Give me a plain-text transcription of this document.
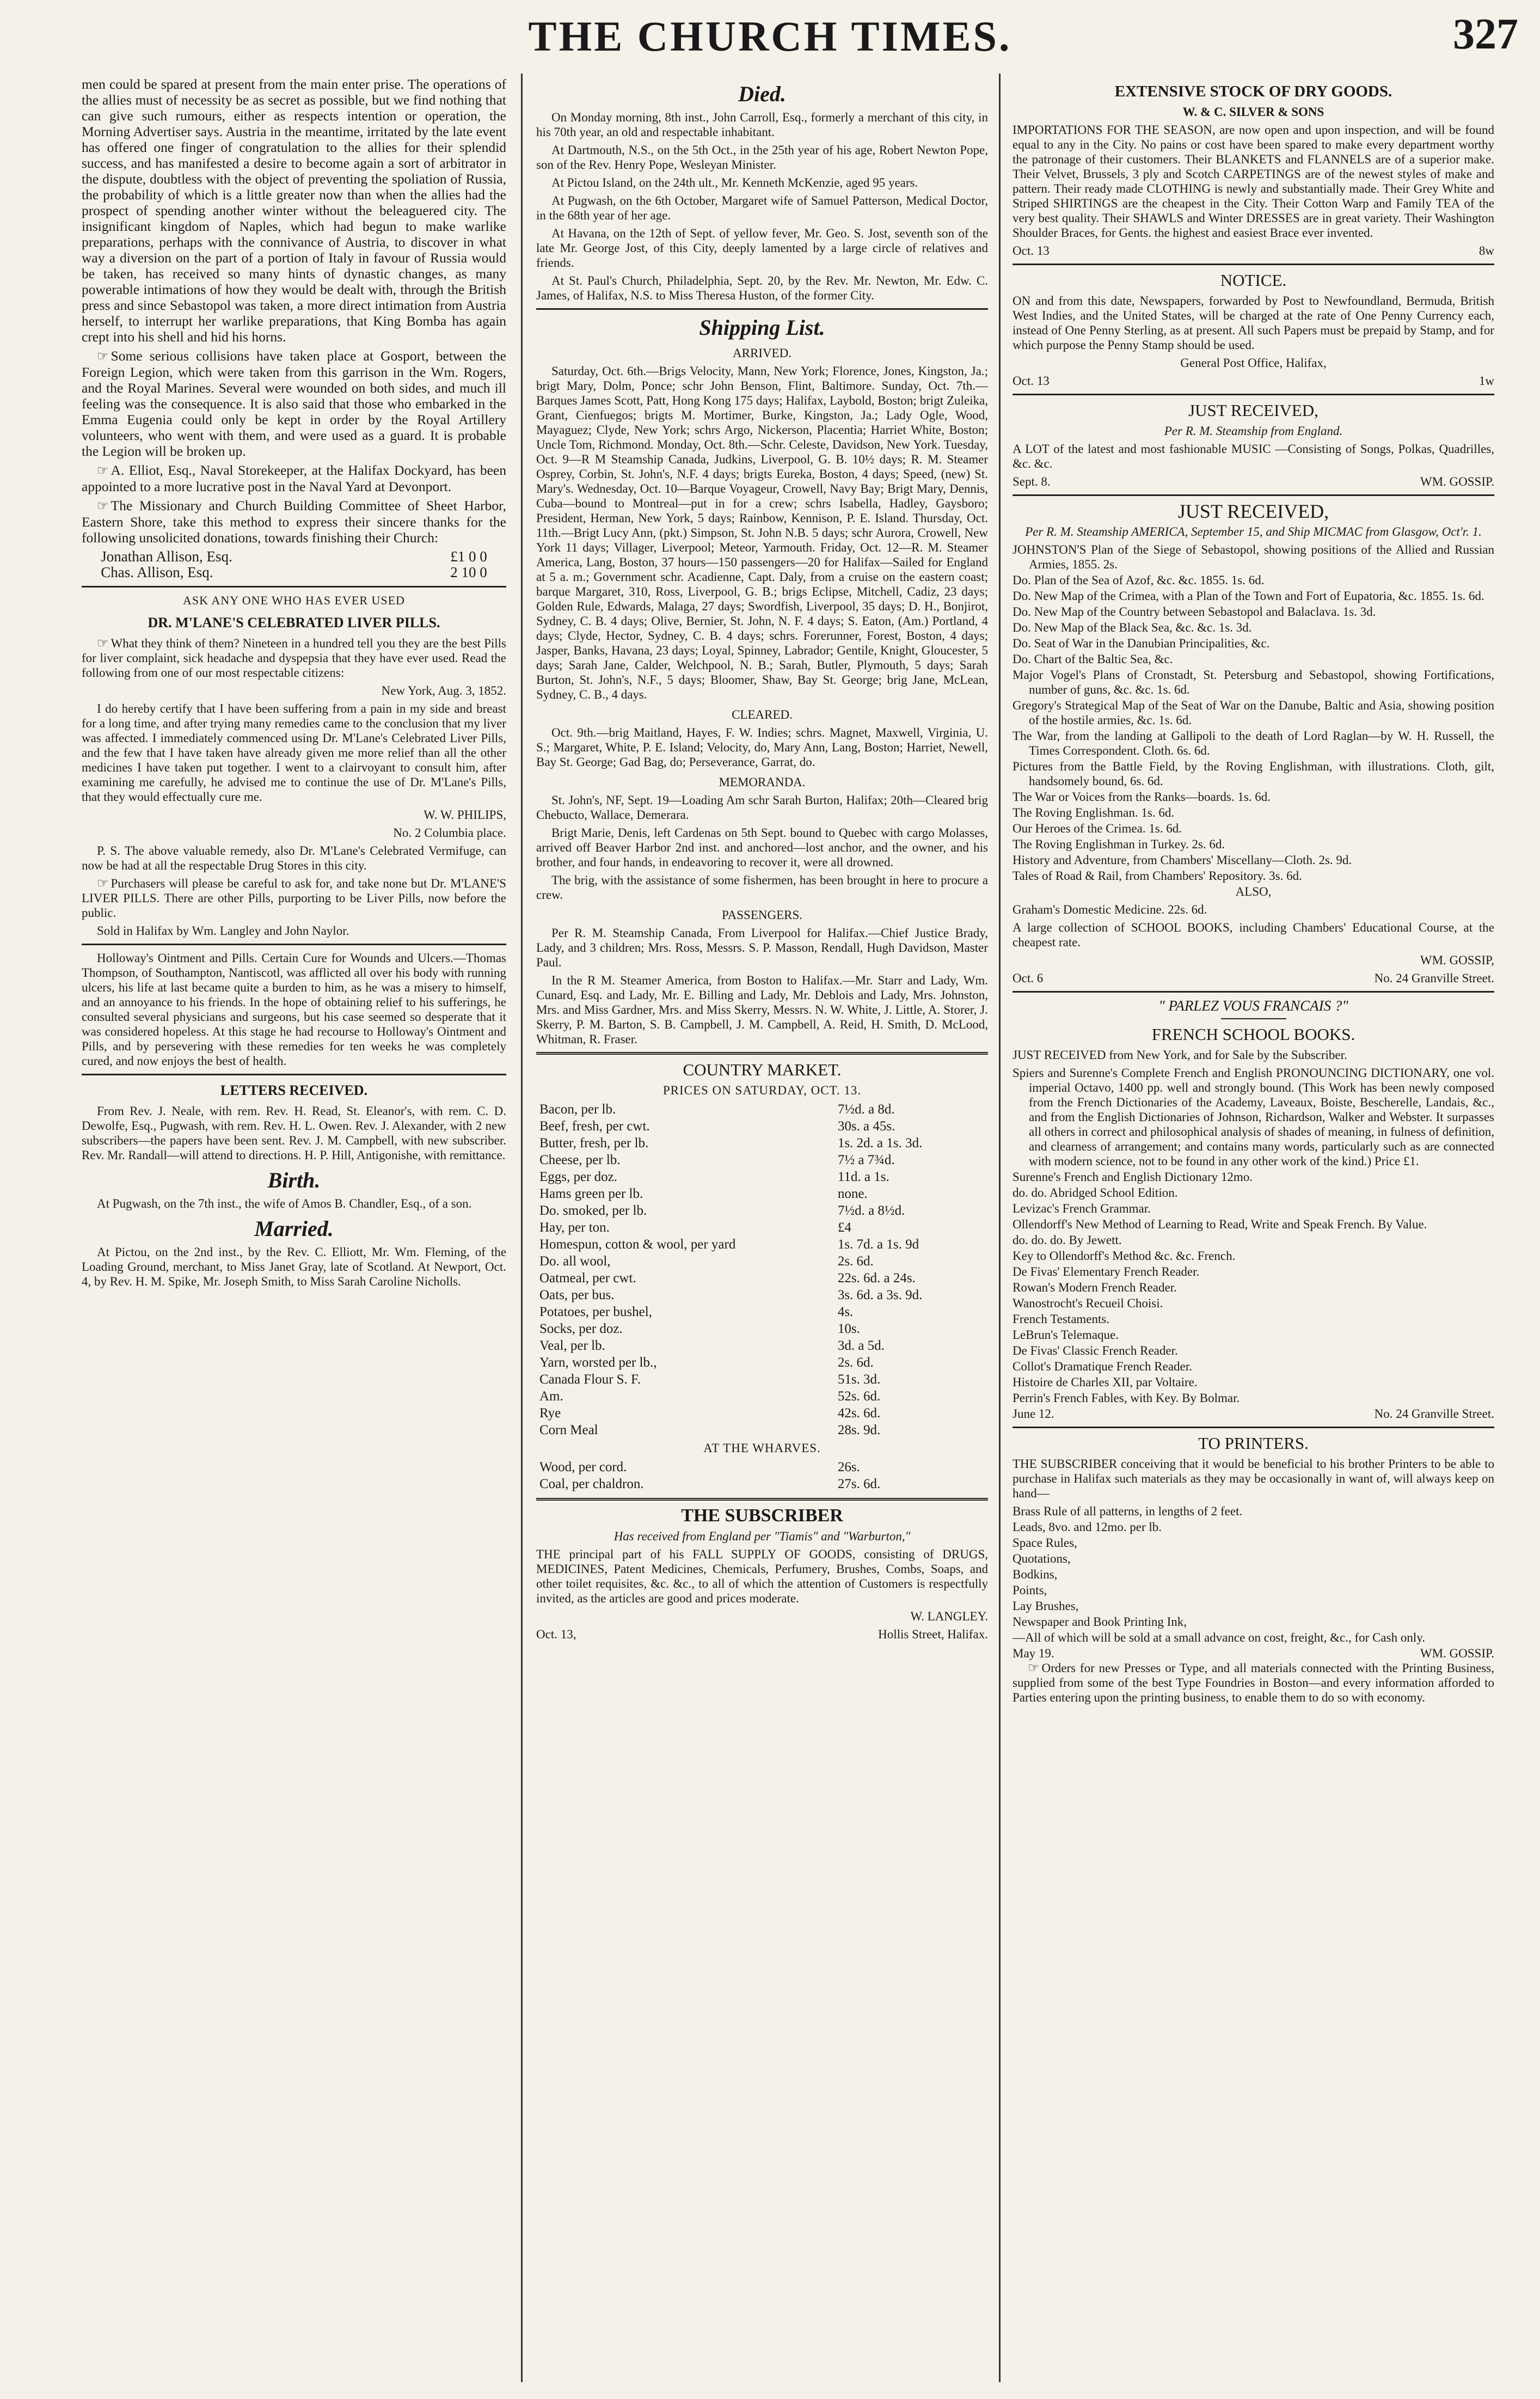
THE CHURCH TIMES.	327

men could be spared at present from the main enter prise. The operations of the allies must of necessity be as secret as possible, but we find nothing that can give such rumours, either as respects intention or operation, the Morning Advertiser says. Austria in the meantime, irritated by the late event has offered one finger of congratulation to the allies for their splendid success, and has manifested a desire to become again a sort of arbitrator in the dispute, doubtless with the object of preventing the spoliation of Russia, the probability of which is a little greater now than when the allies had the prospect of spending another winter without the beleaguered city. The insignificant kingdom of Naples, which had begun to make warlike preparations, perhaps with the connivance of Austria, to discover in what way a diversion on the part of a portion of Italy in favour of Russia would be taken, has received so many hints of dynastic changes, as many powerable intimations of how they would be dealt with, through the British press and since Sebastopol was taken, a more direct intimation from Austria herself, to interrupt her warlike preparations, that King Bomba has again crept into his shell and hid his horns.

☞ Some serious collisions have taken place at Gosport, between the Foreign Legion, which were taken from this garrison in the Wm. Rogers, and the Royal Marines. Several were wounded on both sides, and much ill feeling was the consequence. It is also said that those who embarked in the Emma Eugenia could only be kept in order by the Royal Artillery volunteers, who went with them, and were used as a guard. It is probable the Legion will be broken up.

☞ A. Elliot, Esq., Naval Storekeeper, at the Halifax Dockyard, has been appointed to a more lucrative post in the Naval Yard at Devonport.

☞ The Missionary and Church Building Committee of Sheet Harbor, Eastern Shore, take this method to express their sincere thanks for the following unsolicited donations, towards finishing their Church:

Jonathan Allison, Esq.	£1 0 0
Chas. Allison, Esq.	2 10 0
ASK ANY ONE WHO HAS EVER USED
DR. M'LANE'S CELEBRATED LIVER PILLS.

☞ What they think of them? Nineteen in a hundred tell you they are the best Pills for liver complaint, sick headache and dyspepsia that they have ever used. Read the following from one of our most respectable citizens:

New York, Aug. 3, 1852.

I do hereby certify that I have been suffering from a pain in my side and breast for a long time, and after trying many remedies came to the conclusion that my liver was affected. I immediately commenced using Dr. M'Lane's Celebrated Liver Pills, and the few that I have taken have already given me more relief than all the other medicines I have taken put together. I went to a clairvoyant to consult him, after examining me carefully, he advised me to continue the use of Dr. M'Lane's Pills, that they would effectually cure me.

W. W. PHILIPS,

No. 2 Columbia place.

P. S. The above valuable remedy, also Dr. M'Lane's Celebrated Vermifuge, can now be had at all the respectable Drug Stores in this city.

☞ Purchasers will please be careful to ask for, and take none but Dr. M'LANE'S LIVER PILLS. There are other Pills, purporting to be Liver Pills, now before the public.

Sold in Halifax by Wm. Langley and John Naylor.

Holloway's Ointment and Pills. Certain Cure for Wounds and Ulcers.—Thomas Thompson, of Southampton, Nantiscotl, was afflicted all over his body with running ulcers, his life at last became quite a burden to him, as he was a misery to himself, and an annoyance to his friends. In the hope of obtaining relief to his sufferings, he consulted several physicians and surgeons, but his case seemed so desperate that it was considered hopeless. At this stage he had recourse to Holloway's Ointment and Pills, and by persevering with these remedies for ten weeks he was completely cured, and now enjoys the best of health.

LETTERS RECEIVED.

From Rev. J. Neale, with rem. Rev. H. Read, St. Eleanor's, with rem. C. D. Dewolfe, Esq., Pugwash, with rem. Rev. H. L. Owen. Rev. J. Alexander, with 2 new subscribers—the papers have been sent. Rev. J. M. Campbell, with new subscriber. Rev. Mr. Randall—will attend to directions. H. P. Hill, Antigonishe, with remittance.

Birth.

At Pugwash, on the 7th inst., the wife of Amos B. Chandler, Esq., of a son.

Married.

At Pictou, on the 2nd inst., by the Rev. C. Elliott, Mr. Wm. Fleming, of the Loading Ground, merchant, to Miss Janet Gray, late of Scotland. At Newport, Oct. 4, by Rev. H. M. Spike, Mr. Joseph Smith, to Miss Sarah Caroline Nicholls.

Died.

On Monday morning, 8th inst., John Carroll, Esq., formerly a merchant of this city, in his 70th year, an old and respectable inhabitant.

At Dartmouth, N.S., on the 5th Oct., in the 25th year of his age, Robert Newton Pope, son of the Rev. Henry Pope, Wesleyan Minister.

At Pictou Island, on the 24th ult., Mr. Kenneth McKenzie, aged 95 years.

At Pugwash, on the 6th October, Margaret wife of Samuel Patterson, Medical Doctor, in the 68th year of her age.

At Havana, on the 12th of Sept. of yellow fever, Mr. Geo. S. Jost, seventh son of the late Mr. George Jost, of this City, deeply lamented by a large circle of relatives and friends.

At St. Paul's Church, Philadelphia, Sept. 20, by the Rev. Mr. Newton, Mr. Edw. C. James, of Halifax, N.S. to Miss Theresa Huston, of the former City.

Shipping List.
ARRIVED.

Saturday, Oct. 6th.—Brigs Velocity, Mann, New York; Florence, Jones, Kingston, Ja.; brigt Mary, Dolm, Ponce; schr John Benson, Flint, Baltimore. Sunday, Oct. 7th.—Barques James Scott, Patt, Hong Kong 175 days; Halifax, Laybold, Boston; brigt Zuleika, Grant, Cienfuegos; brigts M. Mortimer, Burke, Kingston, Ja.; Lady Ogle, Wood, Mayaguez; Clyde, New York; schrs Argo, Nickerson, Placentia; Harriet White, Boston; Uncle Tom, Richmond. Monday, Oct. 8th.—Schr. Celeste, Davidson, New York. Tuesday, Oct. 9—R M Steamship Canada, Judkins, Liverpool, G. B. 10½ days; R. M. Steamer Osprey, Corbin, St. John's, N.F. 4 days; brigts Eureka, Boston, 4 days; Speed, (new) St. Mary's. Wednesday, Oct. 10—Barque Voyageur, Crowell, Navy Bay; Brigt Mary, Dennis, Cuba—bound to Montreal—put in for a crew; schrs Isabella, Hadley, Gaysboro; President, Herman, New York, 5 days; Rainbow, Kennison, P. E. Island. Thursday, Oct. 11th.—Brigt Lucy Ann, (pkt.) Simpson, St. John N.B. 5 days; schr Aurora, Crowell, New York 11 days; Villager, Liverpool; Meteor, Yarmouth. Friday, Oct. 12—R. M. Steamer America, Lang, Boston, 37 hours—150 passengers—20 for Halifax—Sailed for England at 5 a. m.; Government schr. Acadienne, Capt. Daly, from a cruise on the eastern coast; barque Margaret, 310, Ross, Liverpool, G. B.; brigs Eclipse, Mitchell, Cadiz, 23 days; Golden Rule, Edwards, Malaga, 27 days; Swordfish, Liverpool, 35 days; D. H., Bonjirot, Sydney, C. B. 4 days; Olive, Bernier, St. John, N. F. 4 days; S. Eaton, (Am.) Portland, 4 days; Clyde, Hector, Sydney, C. B. 4 days; schrs. Forerunner, Forest, Boston, 4 days; Jasper, Banks, Havana, 23 days; Loyal, Spinney, Labrador; Gentile, Knight, Gloucester, 5 days; Sarah Jane, Calder, Welchpool, N. B.; Sarah, Butler, Plymouth, 5 days; Sarah Burton, St. John's, N.F., 5 days; Bloomer, Shaw, Bay St. George; brig Jane, McLean, Sydney, C. B., 4 days.

CLEARED.

Oct. 9th.—brig Maitland, Hayes, F. W. Indies; schrs. Magnet, Maxwell, Virginia, U. S.; Margaret, White, P. E. Island; Velocity, do, Mary Ann, Lang, Boston; Harriet, Newell, Bay St. George; Gad Bag, do; Perseverance, Garrat, do.

MEMORANDA.

St. John's, NF, Sept. 19—Loading Am schr Sarah Burton, Halifax; 20th—Cleared brig Chebucto, Wallace, Demerara.

Brigt Marie, Denis, left Cardenas on 5th Sept. bound to Quebec with cargo Molasses, arrived off Beaver Harbor 2nd inst. and anchored—lost anchor, and the owner, and his brother, and four hands, in endeavoring to recover it, were all drowned.

The brig, with the assistance of some fishermen, has been brought in here to procure a crew.

PASSENGERS.

Per R. M. Steamship Canada, From Liverpool for Halifax.—Chief Justice Brady, Lady, and 3 children; Mrs. Ross, Messrs. S. P. Masson, Rendall, Hugh Davidson, Master Paul.

In the R M. Steamer America, from Boston to Halifax.—Mr. Starr and Lady, Wm. Cunard, Esq. and Lady, Mr. E. Billing and Lady, Mr. Deblois and Lady, Mrs. Johnston, Mrs. and Miss Gardner, Mrs. and Miss Skerry, Messrs. N. W. White, J. Little, A. Storer, J. Skerry, P. M. Barton, S. B. Campbell, J. M. Campbell, A. Reid, H. Smith, D. McLood, Whitman, R. Fraser.

COUNTRY MARKET.
PRICES ON SATURDAY, OCT. 13.
Bacon, per lb.	7½d. a 8d.
Beef, fresh, per cwt.	30s. a 45s.
Butter, fresh, per lb.	1s. 2d. a 1s. 3d.
Cheese, per lb.	7½ a 7¾d.
Eggs, per doz.	11d. a 1s.
Hams green per lb.	none.
Do. smoked, per lb.	7½d. a 8½d.
Hay, per ton.	£4
Homespun, cotton & wool, per yard	1s. 7d. a 1s. 9d
Do. all wool,	2s. 6d.
Oatmeal, per cwt.	22s. 6d. a 24s.
Oats, per bus.	3s. 6d. a 3s. 9d.
Potatoes, per bushel,	4s.
Socks, per doz.	10s.
Veal, per lb.	3d. a 5d.
Yarn, worsted per lb.,	2s. 6d.
Canada Flour S. F.	51s. 3d.
Am.	52s. 6d.
Rye	42s. 6d.
Corn Meal	28s. 9d.
AT THE WHARVES.
Wood, per cord.	26s.
Coal, per chaldron.	27s. 6d.
THE SUBSCRIBER
Has received from England per "Tiamis" and "Warburton,"

THE principal part of his FALL SUPPLY OF GOODS, consisting of DRUGS, MEDICINES, Patent Medicines, Chemicals, Perfumery, Brushes, Combs, Soaps, and other toilet requisites, &c. &c., to all of which the attention of Customers is respectfully invited, as the articles are good and prices moderate.

W. LANGLEY.

Oct. 13,	Hollis Street, Halifax.
EXTENSIVE STOCK OF DRY GOODS.
W. & C. SILVER & SONS

IMPORTATIONS FOR THE SEASON, are now open and upon inspection, and will be found equal to any in the City. No pains or cost have been spared to make every department worthy the patronage of their customers. Their BLANKETS and FLANNELS are of a superior make. Their Velvet, Brussels, 3 ply and Scotch CARPETINGS are of the newest styles of make and pattern. Their ready made CLOTHING is newly and substantially made. Their Grey White and Striped SHIRTINGS are the cheapest in the City. Their Cotton Warp and Family TEA of the very best quality. Their SHAWLS and Winter DRESSES are in great variety. Their Washington Shoulder Braces, for Gents. the highest and easiest Brace ever invented.

Oct. 13	8w
NOTICE.

ON and from this date, Newspapers, forwarded by Post to Newfoundland, Bermuda, British West Indies, and the United States, will be charged at the rate of One Penny Currency each, instead of One Penny Sterling, as at present. All such Papers must be prepaid by Stamp, and for which purpose the Penny Stamp should be used.

General Post Office, Halifax,

Oct. 13	1w
JUST RECEIVED,
Per R. M. Steamship from England.

A LOT of the latest and most fashionable MUSIC —Consisting of Songs, Polkas, Quadrilles, &c. &c.

Sept. 8.	WM. GOSSIP.
JUST RECEIVED,
Per R. M. Steamship AMERICA, September 15, and Ship MICMAC from Glasgow, Oct'r. 1.

JOHNSTON'S Plan of the Siege of Sebastopol, showing positions of the Allied and Russian Armies, 1855. 2s.

Do. Plan of the Sea of Azof, &c. &c. 1855. 1s. 6d.

Do. New Map of the Crimea, with a Plan of the Town and Fort of Eupatoria, &c. 1855. 1s. 6d.

Do. New Map of the Country between Sebastopol and Balaclava. 1s. 3d.

Do. New Map of the Black Sea, &c. &c. 1s. 3d.

Do. Seat of War in the Danubian Principalities, &c.

Do. Chart of the Baltic Sea, &c.

Major Vogel's Plans of Cronstadt, St. Petersburg and Sebastopol, showing Fortifications, number of guns, &c. &c. 1s. 6d.

Gregory's Strategical Map of the Seat of War on the Danube, Baltic and Asia, showing position of the hostile armies, &c. 1s. 6d.

The War, from the landing at Gallipoli to the death of Lord Raglan—by W. H. Russell, the Times Correspondent. Cloth. 6s. 6d.

Pictures from the Battle Field, by the Roving Englishman, with illustrations. Cloth, gilt, handsomely bound, 6s. 6d.

The War or Voices from the Ranks—boards. 1s. 6d.

The Roving Englishman. 1s. 6d.

Our Heroes of the Crimea. 1s. 6d.

The Roving Englishman in Turkey. 2s. 6d.

History and Adventure, from Chambers' Miscellany—Cloth. 2s. 9d.

Tales of Road & Rail, from Chambers' Repository. 3s. 6d.

ALSO,

Graham's Domestic Medicine. 22s. 6d.

A large collection of SCHOOL BOOKS, including Chambers' Educational Course, at the cheapest rate.

WM. GOSSIP,

Oct. 6	No. 24 Granville Street.
" PARLEZ VOUS FRANCAIS ?"
FRENCH SCHOOL BOOKS.

JUST RECEIVED from New York, and for Sale by the Subscriber.

Spiers and Surenne's Complete French and English PRONOUNCING DICTIONARY, one vol. imperial Octavo, 1400 pp. well and strongly bound. (This Work has been newly composed from the French Dictionaries of the Academy, Laveaux, Boiste, Bescherelle, Landais, &c., and from the English Dictionaries of Johnson, Richardson, Walker and Webster. It surpasses all others in correct and philosophical analysis of shades of meaning, in fulness of definition, and clearness of arrangement; and contains many words, particularly such as are connected with modern science, not to be found in any other work of the kind.) Price £1.

Surenne's French and English Dictionary 12mo.

do. do. Abridged School Edition.

Levizac's French Grammar.

Ollendorff's New Method of Learning to Read, Write and Speak French. By Value.

do. do. do. By Jewett.

Key to Ollendorff's Method &c. &c. French.

De Fivas' Elementary French Reader.

Rowan's Modern French Reader.

Wanostrocht's Recueil Choisi.

French Testaments.

LeBrun's Telemaque.

De Fivas' Classic French Reader.

Collot's Dramatique French Reader.

Histoire de Charles XII, par Voltaire.

Perrin's French Fables, with Key. By Bolmar.

June 12.	No. 24 Granville Street.
TO PRINTERS.

THE SUBSCRIBER conceiving that it would be beneficial to his brother Printers to be able to purchase in Halifax such materials as they may be occasionally in want of, will always keep on hand—

Brass Rule of all patterns, in lengths of 2 feet.

Leads, 8vo. and 12mo. per lb.

Space Rules,

Quotations,

Bodkins,

Points,

Lay Brushes,

Newspaper and Book Printing Ink,

—All of which will be sold at a small advance on cost, freight, &c., for Cash only.

May 19.	WM. GOSSIP.

☞ Orders for new Presses or Type, and all materials connected with the Printing Business, supplied from some of the best Type Foundries in Boston—and every information afforded to Parties entering upon the printing business, to enable them to do so with economy.
